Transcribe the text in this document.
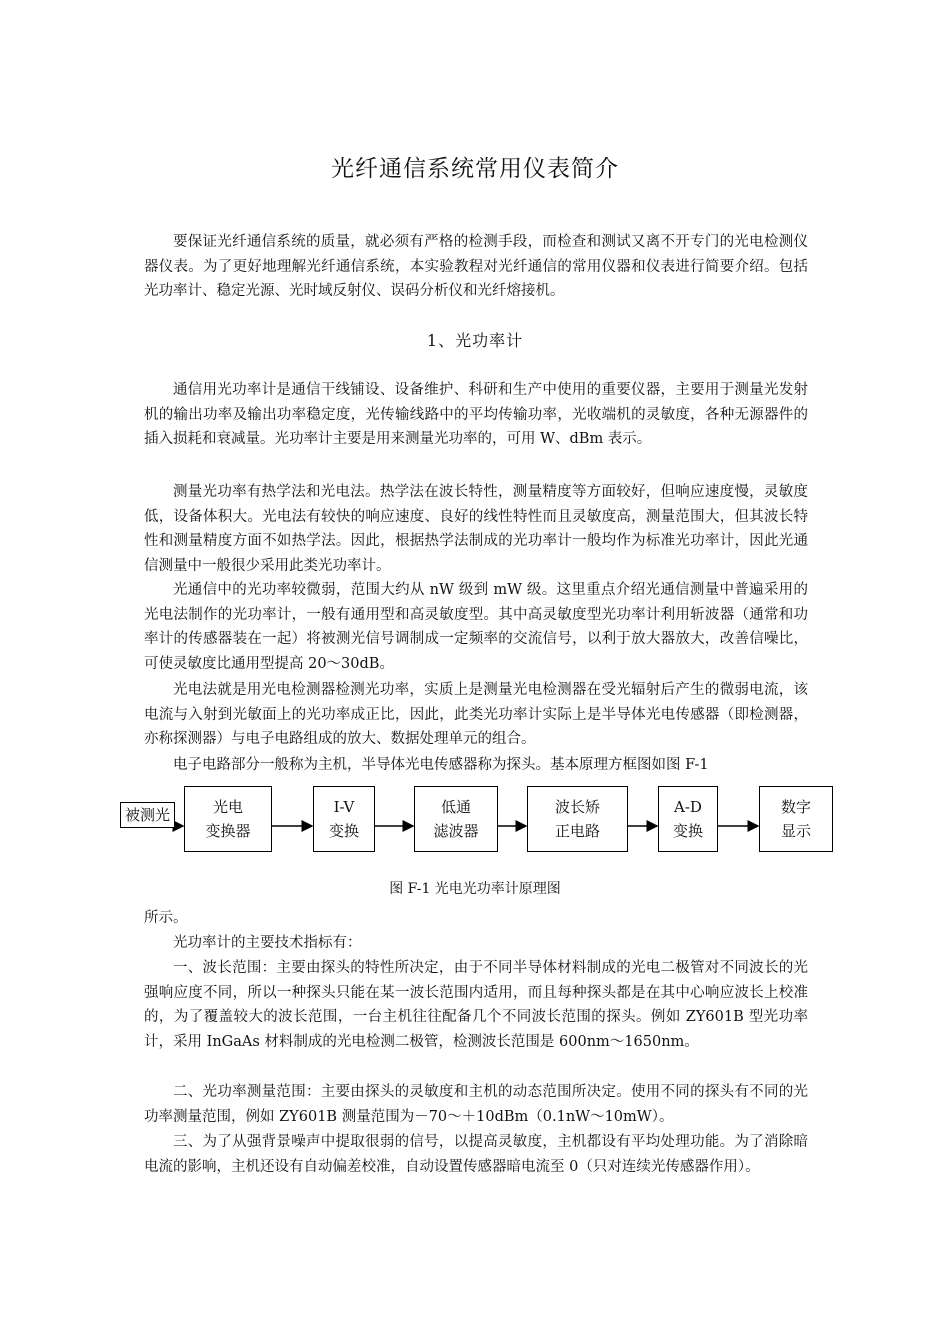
光纤通信系统常用仪表简介

要保证光纤通信系统的质量，就必须有严格的检测手段，而检查和测试又离不开专门的光电检测仪器仪表。为了更好地理解光纤通信系统，本实验教程对光纤通信的常用仪器和仪表进行简要介绍。包括光功率计、稳定光源、光时域反射仪、误码分析仪和光纤熔接机。

1、光功率计

通信用光功率计是通信干线铺设、设备维护、科研和生产中使用的重要仪器，主要用于测量光发射机的输出功率及输出功率稳定度，光传输线路中的平均传输功率，光收端机的灵敏度，各种无源器件的插入损耗和衰减量。光功率计主要是用来测量光功率的，可用 W、dBm 表示。

测量光功率有热学法和光电法。热学法在波长特性，测量精度等方面较好，但响应速度慢，灵敏度低，设备体积大。光电法有较快的响应速度、良好的线性特性而且灵敏度高，测量范围大，但其波长特性和测量精度方面不如热学法。因此，根据热学法制成的光功率计一般均作为标准光功率计，因此光通信测量中一般很少采用此类光功率计。

光通信中的光功率较微弱，范围大约从 nW 级到 mW 级。这里重点介绍光通信测量中普遍采用的光电法制作的光功率计，一般有通用型和高灵敏度型。其中高灵敏度型光功率计利用斩波器（通常和功率计的传感器装在一起）将被测光信号调制成一定频率的交流信号，以利于放大器放大，改善信噪比，可使灵敏度比通用型提高 20～30dB。

光电法就是用光电检测器检测光功率，实质上是测量光电检测器在受光辐射后产生的微弱电流，该电流与入射到光敏面上的光功率成正比，因此，此类光功率计实际上是半导体光电传感器（即检测器，亦称探测器）与电子电路组成的放大、数据处理单元的组合。

电子电路部分一般称为主机，半导体光电传感器称为探头。基本原理方框图如图 F-1

被测光	光电
变换器
I-V
变换
低通
滤波器
波长矫
正电路
A-D
变换
数字
显示
图 F-1 光电光功率计原理图

所示。

光功率计的主要技术指标有：

一、波长范围：主要由探头的特性所决定，由于不同半导体材料制成的光电二极管对不同波长的光强响应度不同，所以一种探头只能在某一波长范围内适用，而且每种探头都是在其中心响应波长上校准的，为了覆盖较大的波长范围，一台主机往往配备几个不同波长范围的探头。例如 ZY601B 型光功率计，采用 InGaAs 材料制成的光电检测二极管，检测波长范围是 600nm～1650nm。

二、光功率测量范围：主要由探头的灵敏度和主机的动态范围所决定。使用不同的探头有不同的光功率测量范围，例如 ZY601B 测量范围为－70～＋10dBm（0.1nW～10mW）。

三、为了从强背景噪声中提取很弱的信号，以提高灵敏度，主机都设有平均处理功能。为了消除暗电流的影响，主机还设有自动偏差校准，自动设置传感器暗电流至 0（只对连续光传感器作用）。
